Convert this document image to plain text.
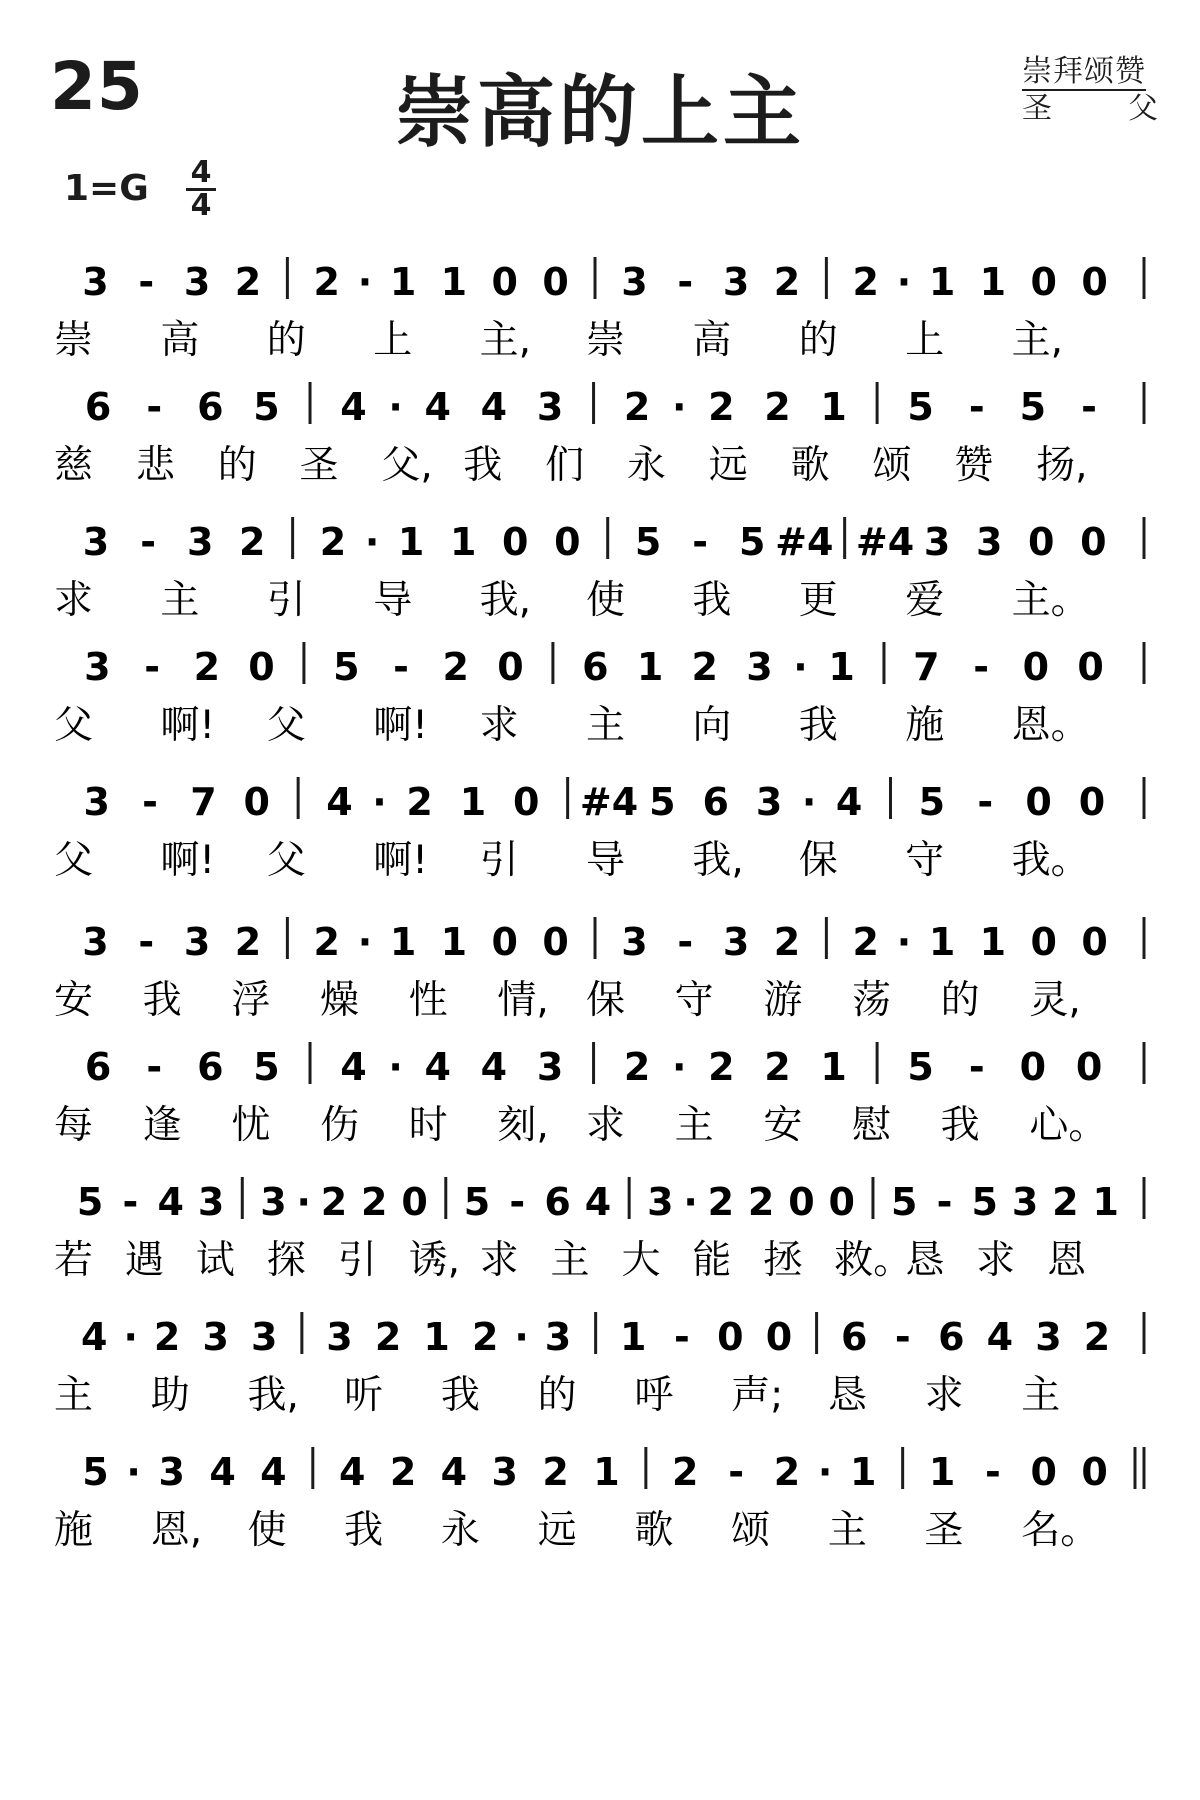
25	崇高的上主	崇拜颂赞
圣	父
$1=G \frac{4}{4}$
3 - 3 2 2 · 1 1 0 0 3 - 3 2 2 · 1 1 0 0
崇 高 的 上 主, 崇 高 的 上 主,
6 - 6 5 4 · 4 4 3 2 · 2 2 1 5 - 5 -
慈 悲 的 圣 父, 我 们 永 远 歌 颂 赞 扬,
3 - 3 2 2 · 1 1 0 0 5 - 5 #4 #4 3 3 0 0
求 主 引 导 我, 使 我 更 爱 主。
3 - 2 0 5 - 2 0 6 1 2 3 · 1 7 - 0 0
父 啊! 父 啊! 求 主 向 我 施 恩。
3 - 7 0 4 · 2 1 0 #4 5 6 3 · 4 5 - 0 0
父 啊! 父 啊! 引 导 我, 保 守 我。
3 - 3 2 2 · 1 1 0 0 3 - 3 2 2 · 1 1 0 0
安 我 浮 燥 性 情, 保 守 游 荡 的 灵,
6 - 6 5 4 · 4 4 3 2 · 2 2 1 5 - 0 0
每 逢 忧 伤 时 刻, 求 主 安 慰 我 心。
5 - 4 3 3 · 2 2 0 5 - 6 4 3 · 2 2 0 0 5 - 5 3 2 1
若 遇 试 探 引 诱, 求 主 大 能 拯 救。
恳 求 恩
4 · 2 3 3 3 2 1 2 · 3 1 - 0 0 6 - 6 4 3 2
主 助 我, 听 我 的 呼 声; 恳 求 主
5 · 3 4 4 4 2 4 3 2 1 2 - 2 · 1 1 - 0 0
施 恩, 使 我 永 远 歌 颂 主 圣 名。
